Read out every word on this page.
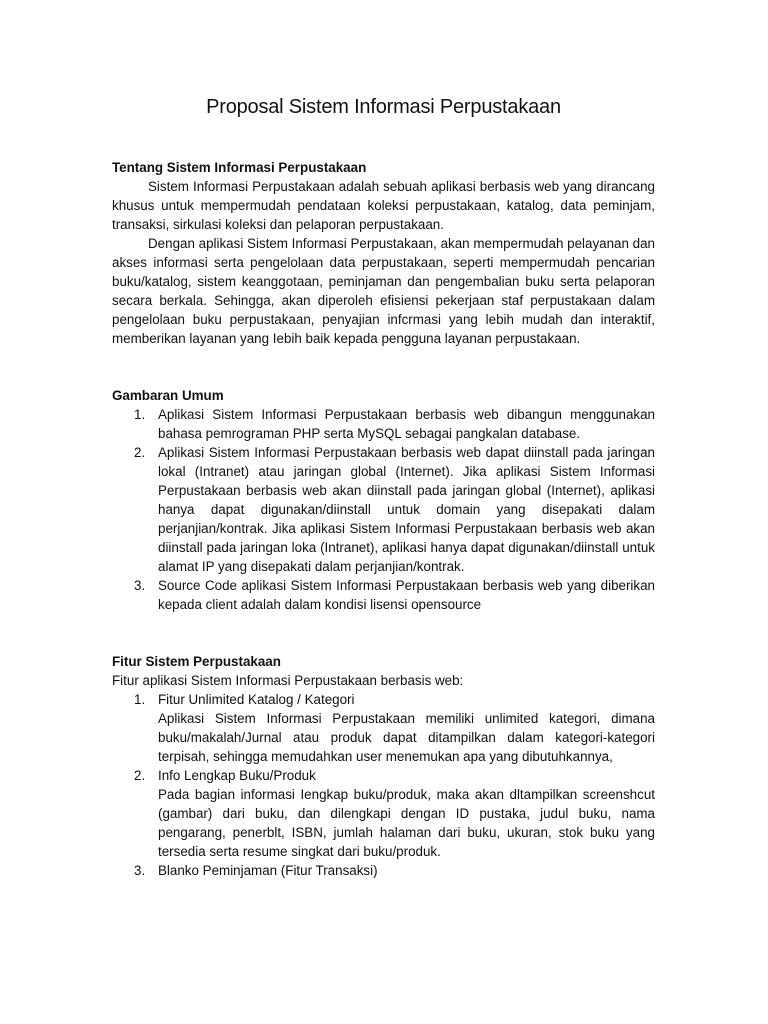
Proposal Sistem Informasi Perpustakaan

Tentang Sistem Informasi Perpustakaan

Sistem Informasi Perpustakaan adalah sebuah aplikasi berbasis web yang dirancang khusus untuk mempermudah pendataan koleksi perpustakaan, katalog, data peminjam, transaksi, sirkulasi koleksi dan pelaporan perpustakaan.

Dengan aplikasi Sistem Informasi Perpustakaan, akan mempermudah pelayanan dan akses informasi serta pengelolaan data perpustakaan, seperti mempermudah pencarian buku/katalog, sistem keanggotaan, peminjaman dan pengembalian buku serta pelaporan secara berkala. Sehingga, akan diperoleh efisiensi pekerjaan staf perpustakaan dalam pengelolaan buku perpustakaan, penyajian infcrmasi yang lebih mudah dan interaktif, memberikan layanan yang Iebih baik kepada pengguna layanan perpustakaan.

Gambaran Umum

1. Aplikasi Sistem Informasi Perpustakaan berbasis web dibangun menggunakan bahasa pemrograman PHP serta MySQL sebagai pangkalan database.
2. Aplikasi Sistem Informasi Perpustakaan berbasis web dapat diinstall pada jaringan lokal (Intranet) atau jaringan global (Internet). Jika aplikasi Sistem Informasi Perpustakaan berbasis web akan diinstall pada jaringan global (Internet), aplikasi hanya dapat digunakan/diinstall untuk domain yang disepakati dalam perjanjian/kontrak. Jika aplikasi Sistem Informasi Perpustakaan berbasis web akan diinstall pada jaringan loka (Intranet), aplikasi hanya dapat digunakan/diinstall untuk alamat IP yang disepakati dalam perjanjian/kontrak.
3. Source Code aplikasi Sistem Informasi Perpustakaan berbasis web yang diberikan kepada client adalah dalam kondisi lisensi opensource

Fitur Sistem Perpustakaan

Fitur aplikasi Sistem Informasi Perpustakaan berbasis web:

1. Fitur Unlimited Katalog / Kategori
Aplikasi Sistem Informasi Perpustakaan memiliki unlimited kategori, dimana buku/makalah/Jurnal atau produk dapat ditampilkan dalam kategori-kategori terpisah, sehingga memudahkan user menemukan apa yang dibutuhkannya,
2. Info Lengkap Buku/Produk
Pada bagian informasi Iengkap buku/produk, maka akan dltampilkan screenshcut (gambar) dari buku, dan dilengkapi dengan ID pustaka, judul buku, nama pengarang, penerblt, ISBN, jumlah halaman dari buku, ukuran, stok buku yang tersedia serta resume singkat dari buku/produk.
3. Blanko Peminjaman (Fitur Transaksi)
